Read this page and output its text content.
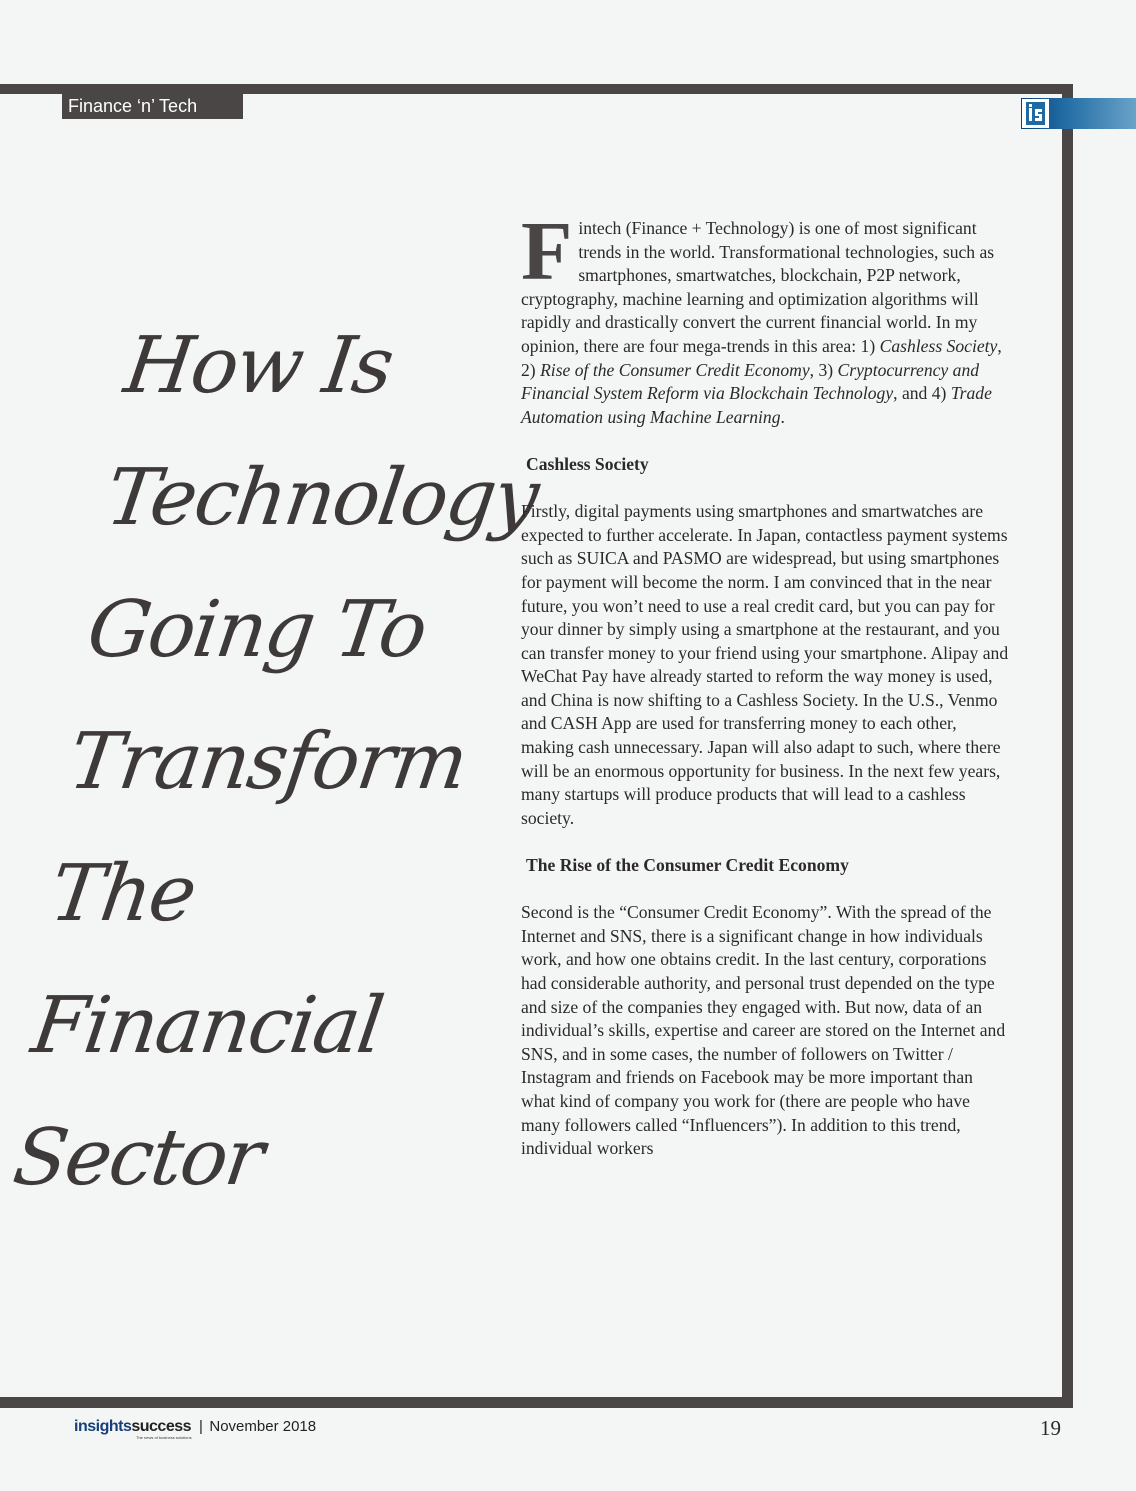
Finance ‘n’ Tech
How Is
Technology
Going To
Transform
The
Financial
Sector

Fintech (Finance + Technology) is one of most significant trends in the world. Transformational technologies, such as smartphones, smartwatches, blockchain, P2P network, cryptography, machine learning and optimization algorithms will rapidly and drastically convert the current financial world. In my opinion, there are four mega-trends in this area: 1) Cashless Society, 2) Rise of the Consumer Credit Economy, 3) Cryptocurrency and Financial System Reform via Blockchain Technology, and 4) Trade Automation using Machine Learning.

Cashless Society

Firstly, digital payments using smartphones and smartwatches are expected to further accelerate. In Japan, contactless payment systems such as SUICA and PASMO are widespread, but using smartphones for payment will become the norm. I am convinced that in the near future, you won’t need to use a real credit card, but you can pay for your dinner by simply using a smartphone at the restaurant, and you can transfer money to your friend using your smartphone. Alipay and WeChat Pay have already started to reform the way money is used, and China is now shifting to a Cashless Society. In the U.S., Venmo and CASH App are used for transferring money to each other, making cash unnecessary. Japan will also adapt to such, where there will be an enormous opportunity for business. In the next few years, many startups will produce products that will lead to a cashless society.

The Rise of the Consumer Credit Economy

Second is the “Consumer Credit Economy”. With the spread of the Internet and SNS, there is a significant change in how individuals work, and how one obtains credit. In the last century, corporations had considerable authority, and personal trust depended on the type and size of the companies they engaged with. But now, data of an individual’s skills, expertise and career are stored on the Internet and SNS, and in some cases, the number of followers on Twitter / Instagram and friends on Facebook may be more important than what kind of company you work for (there are people who have many followers called “Influencers”). In addition to this trend, individual workers

insightssuccess
The news of business solutions
| November 2018	19
